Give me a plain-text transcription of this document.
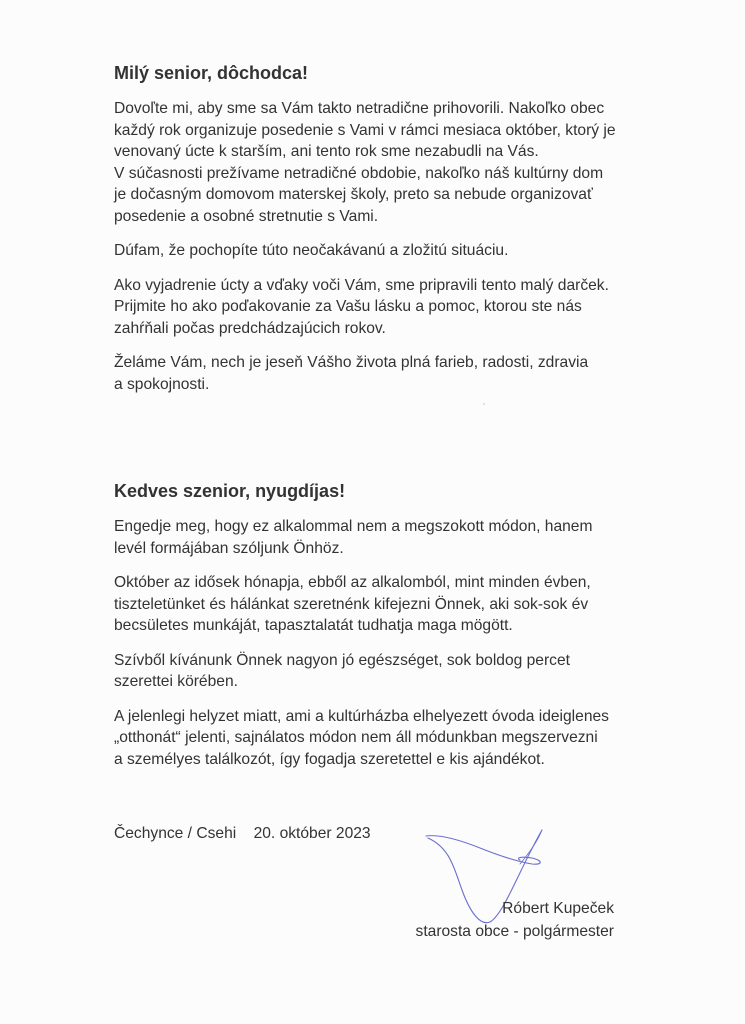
Milý senior, dôchodca!

Dovoľte mi, aby sme sa Vám takto netradične prihovorili. Nakoľko obec
každý rok organizuje posedenie s Vami v rámci mesiaca október, ktorý je
venovaný úcte k starším, ani tento rok sme nezabudli na Vás.
V súčasnosti prežívame netradičné obdobie, nakoľko náš kultúrny dom
je dočasným domovom materskej školy, preto sa nebude organizovať
posedenie a osobné stretnutie s Vami.

Dúfam, že pochopíte túto neočakávanú a zložitú situáciu.

Ako vyjadrenie úcty a vďaky voči Vám, sme pripravili tento malý darček.
Prijmite ho ako poďakovanie za Vašu lásku a pomoc, ktorou ste nás
zahŕňali počas predchádzajúcich rokov.

Želáme Vám, nech je jeseň Vášho života plná farieb, radosti, zdravia
a spokojnosti.

Kedves szenior, nyugdíjas!

Engedje meg, hogy ez alkalommal nem a megszokott módon, hanem
levél formájában szóljunk Önhöz.

Október az idősek hónapja, ebből az alkalomból, mint minden évben,
tiszteletünket és hálánkat szeretnénk kifejezni Önnek, aki sok-sok év
becsületes munkáját, tapasztalatát tudhatja maga mögött.

Szívből kívánunk Önnek nagyon jó egészséget, sok boldog percet
szerettei körében.

A jelenlegi helyzet miatt, ami a kultúrházba elhelyezett óvoda ideiglenes
„otthonát“ jelenti, sajnálatos módon nem áll módunkban megszervezni
a személyes találkozót, így fogadja szeretettel e kis ajándékot.

Čechynce / Csehi 20. október 2023
Róbert Kupeček
starosta obce - polgármester
